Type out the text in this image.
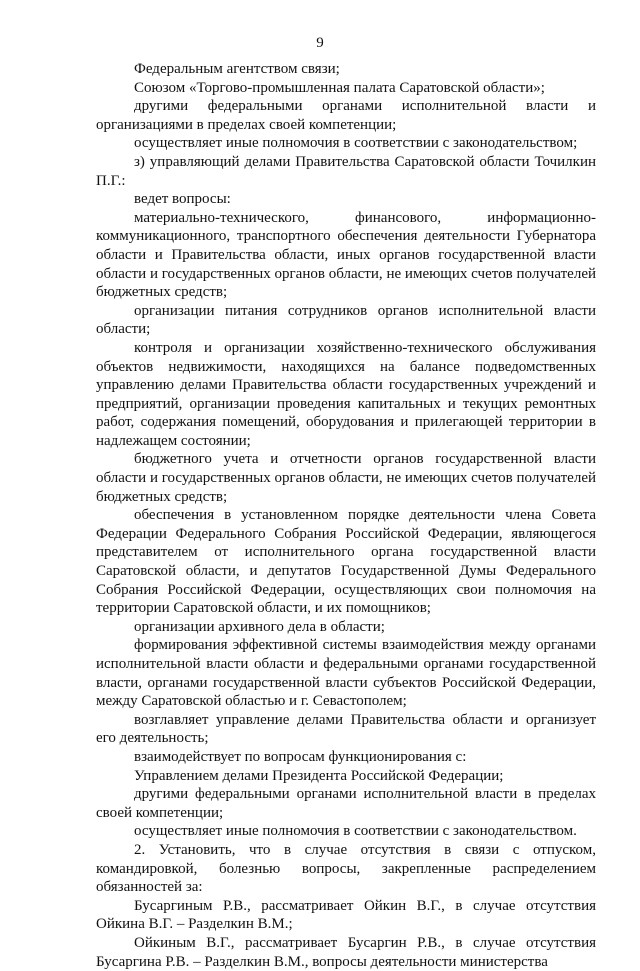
9

Федеральным агентством связи;

Союзом «Торгово-промышленная палата Саратовской области»;

другими федеральными органами исполнительной власти и организациями в пределах своей компетенции;

осуществляет иные полномочия в соответствии с законодательством;

з) управляющий делами Правительства Саратовской области Точилкин П.Г.:

ведет вопросы:

материально-технического, финансового, информационно-коммуникационного, транспортного обеспечения деятельности Губернатора области и Правительства области, иных органов государственной власти области и государственных органов области, не имеющих счетов получателей бюджетных средств;

организации питания сотрудников органов исполнительной власти области;

контроля и организации хозяйственно-технического обслуживания объектов недвижимости, находящихся на балансе подведомственных управлению делами Правительства области государственных учреждений и предприятий, организации проведения капитальных и текущих ремонтных работ, содержания помещений, оборудования и прилегающей территории в надлежащем состоянии;

бюджетного учета и отчетности органов государственной власти области и государственных органов области, не имеющих счетов получателей бюджетных средств;

обеспечения в установленном порядке деятельности члена Совета Федерации Федерального Собрания Российской Федерации, являющегося представителем от исполнительного органа государственной власти Саратовской области, и депутатов Государственной Думы Федерального Собрания Российской Федерации, осуществляющих свои полномочия на территории Саратовской области, и их помощников;

организации архивного дела в области;

формирования эффективной системы взаимодействия между органами исполнительной власти области и федеральными органами государственной власти, органами государственной власти субъектов Российской Федерации, между Саратовской областью и г. Севастополем;

возглавляет управление делами Правительства области и организует его деятельность;

взаимодействует по вопросам функционирования с:

Управлением делами Президента Российской Федерации;

другими федеральными органами исполнительной власти в пределах своей компетенции;

осуществляет иные полномочия в соответствии с законодательством.

2. Установить, что в случае отсутствия в связи с отпуском, командировкой, болезнью вопросы, закрепленные распределением обязанностей за:

Бусаргиным Р.В., рассматривает Ойкин В.Г., в случае отсутствия Ойкина В.Г. – Разделкин В.М.;

Ойкиным В.Г., рассматривает Бусаргин Р.В., в случае отсутствия Бусаргина Р.В. – Разделкин В.М., вопросы деятельности министерства
